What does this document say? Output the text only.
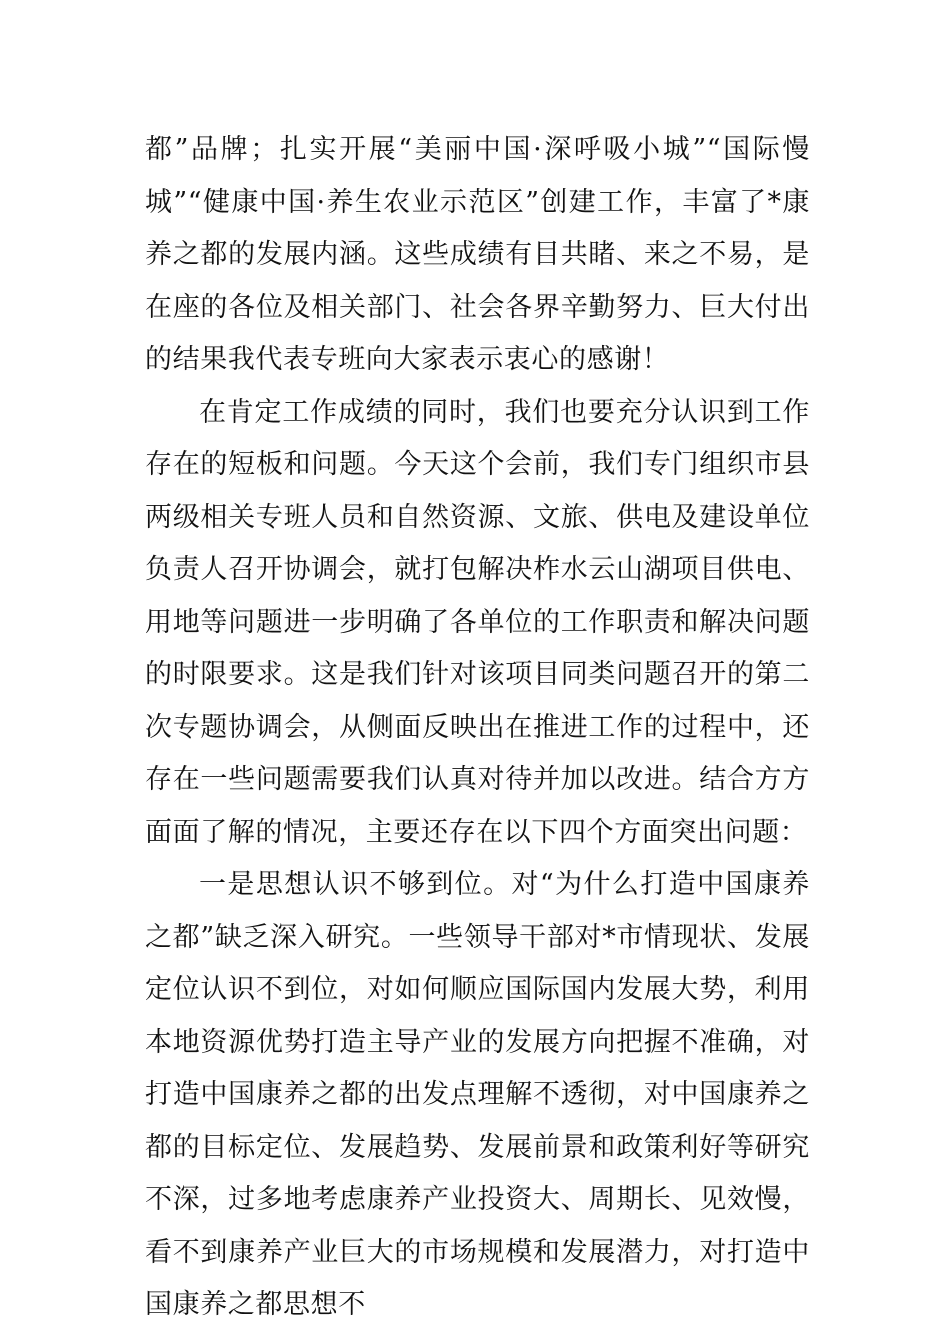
都”品牌；扎实开展“美丽中国·深呼吸小城”“国际慢城”“健康中国·养生农业示范区”创建工作，丰富了*康养之都的发展内涵。这些成绩有目共睹、来之不易，是在座的各位及相关部门、社会各界辛勤努力、巨大付出的结果我代表专班向大家表示衷心的感谢！

在肯定工作成绩的同时，我们也要充分认识到工作存在的短板和问题。今天这个会前，我们专门组织市县两级相关专班人员和自然资源、文旅、供电及建设单位负责人召开协调会，就打包解决柞水云山湖项目供电、用地等问题进一步明确了各单位的工作职责和解决问题的时限要求。这是我们针对该项目同类问题召开的第二次专题协调会，从侧面反映出在推进工作的过程中，还存在一些问题需要我们认真对待并加以改进。结合方方面面了解的情况，主要还存在以下四个方面突出问题：

一是思想认识不够到位。对“为什么打造中国康养之都”缺乏深入研究。一些领导干部对*市情现状、发展定位认识不到位，对如何顺应国际国内发展大势，利用本地资源优势打造主导产业的发展方向把握不准确，对打造中国康养之都的出发点理解不透彻，对中国康养之都的目标定位、发展趋势、发展前景和政策利好等研究不深，过多地考虑康养产业投资大、周期长、见效慢，看不到康养产业巨大的市场规模和发展潜力，对打造中国康养之都思想不
